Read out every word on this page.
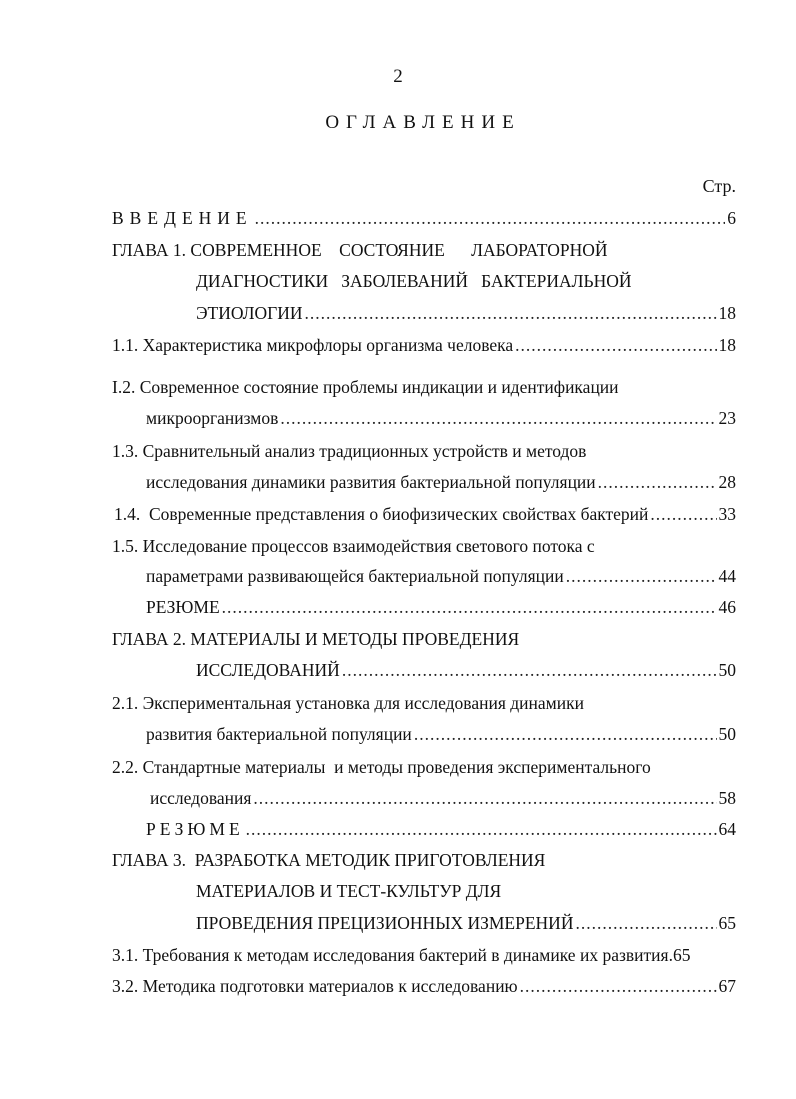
2
ОГЛАВЛЕНИЕ
Стр.
ВВЕДЕНИЕ .....	6
ГЛАВА 1. СОВРЕМЕННОЕ    СОСТОЯНИЕ      ЛАБОРАТОРНОЙ
ДИАГНОСТИКИ   ЗАБОЛЕВАНИЙ   БАКТЕРИАЛЬНОЙ
ЭТИОЛОГИИ .....	18
1.1. Характеристика микрофлоры организма человека .....	18
I.2. Современное состояние проблемы индикации и идентификации
микроорганизмов .....	23
1.3. Сравнительный анализ традиционных устройств и методов
исследования динамики развития бактериальной популяции .....	28
1.4.  Современные представления о биофизических свойствах бактерий .....	33
1.5. Исследование процессов взаимодействия светового потока с
параметрами развивающейся бактериальной популяции .....	44
РЕЗЮМЕ .....	46
ГЛАВА 2. МАТЕРИАЛЫ И МЕТОДЫ ПРОВЕДЕНИЯ
ИССЛЕДОВАНИЙ .....	50
2.1. Экспериментальная установка для исследования динамики
развития бактериальной популяции .....	50
2.2. Стандартные материалы  и методы проведения экспериментального
исследования .....	58
РЕЗЮМЕ .....	64
ГЛАВА 3.  РАЗРАБОТКА МЕТОДИК ПРИГОТОВЛЕНИЯ
МАТЕРИАЛОВ И ТЕСТ-КУЛЬТУР ДЛЯ
ПРОВЕДЕНИЯ ПРЕЦИЗИОННЫХ ИЗМЕРЕНИЙ .....	65
3.1. Требования к методам исследования бактерий в динамике их развития. 65
3.2. Методика подготовки материалов к исследованию .....	67
